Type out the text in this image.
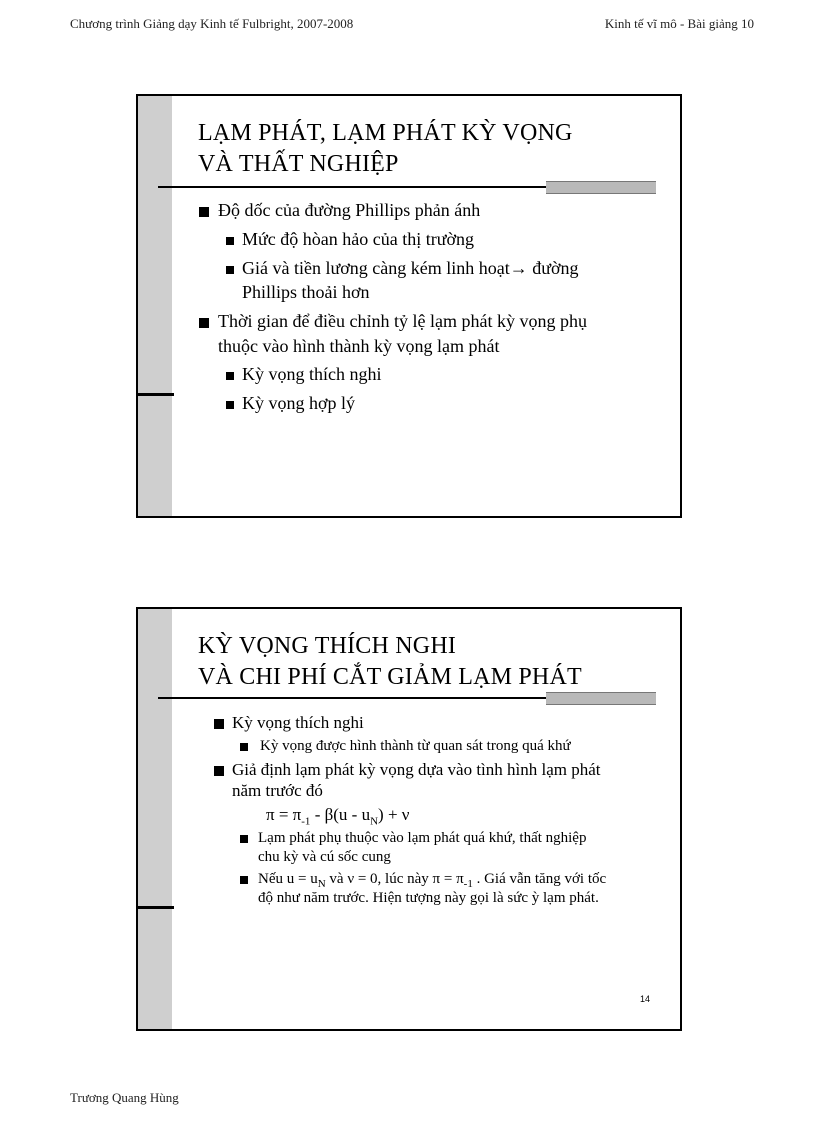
Chương trình Giảng dạy Kinh tế Fulbright, 2007-2008	Kinh tế vĩ mô - Bài giảng 10
LẠM PHÁT, LẠM PHÁT KỲ VỌNG
VÀ THẤT NGHIỆP
Độ dốc của đường Phillips phản ánh
Mức độ hòan hảo của thị trường
Giá và tiền lương càng kém linh hoạt→ đường
Phillips thoải hơn
Thời gian để điều chỉnh tỷ lệ lạm phát kỳ vọng phụ
thuộc vào hình thành kỳ vọng lạm phát
Kỳ vọng thích nghi
Kỳ vọng hợp lý
KỲ VỌNG THÍCH NGHI
VÀ CHI PHÍ CẮT GIẢM LẠM PHÁT
Kỳ vọng thích nghi
Kỳ vọng được hình thành từ quan sát trong quá khứ
Giả định lạm phát kỳ vọng dựa vào tình hình lạm phát
năm trước đó
$\pi = \pi_{-1} - \beta(u - u_N) + \nu$
Lạm phát phụ thuộc vào lạm phát quá khứ, thất nghiệp
chu kỳ và cú sốc cung
Nếu $u = u_N$ và ν = 0, lúc này $\pi = \pi_{-1}$ . Giá vẫn tăng với tốc
độ như năm trước. Hiện tượng này gọi là sức ỳ lạm phát.
14
Trương Quang Hùng
